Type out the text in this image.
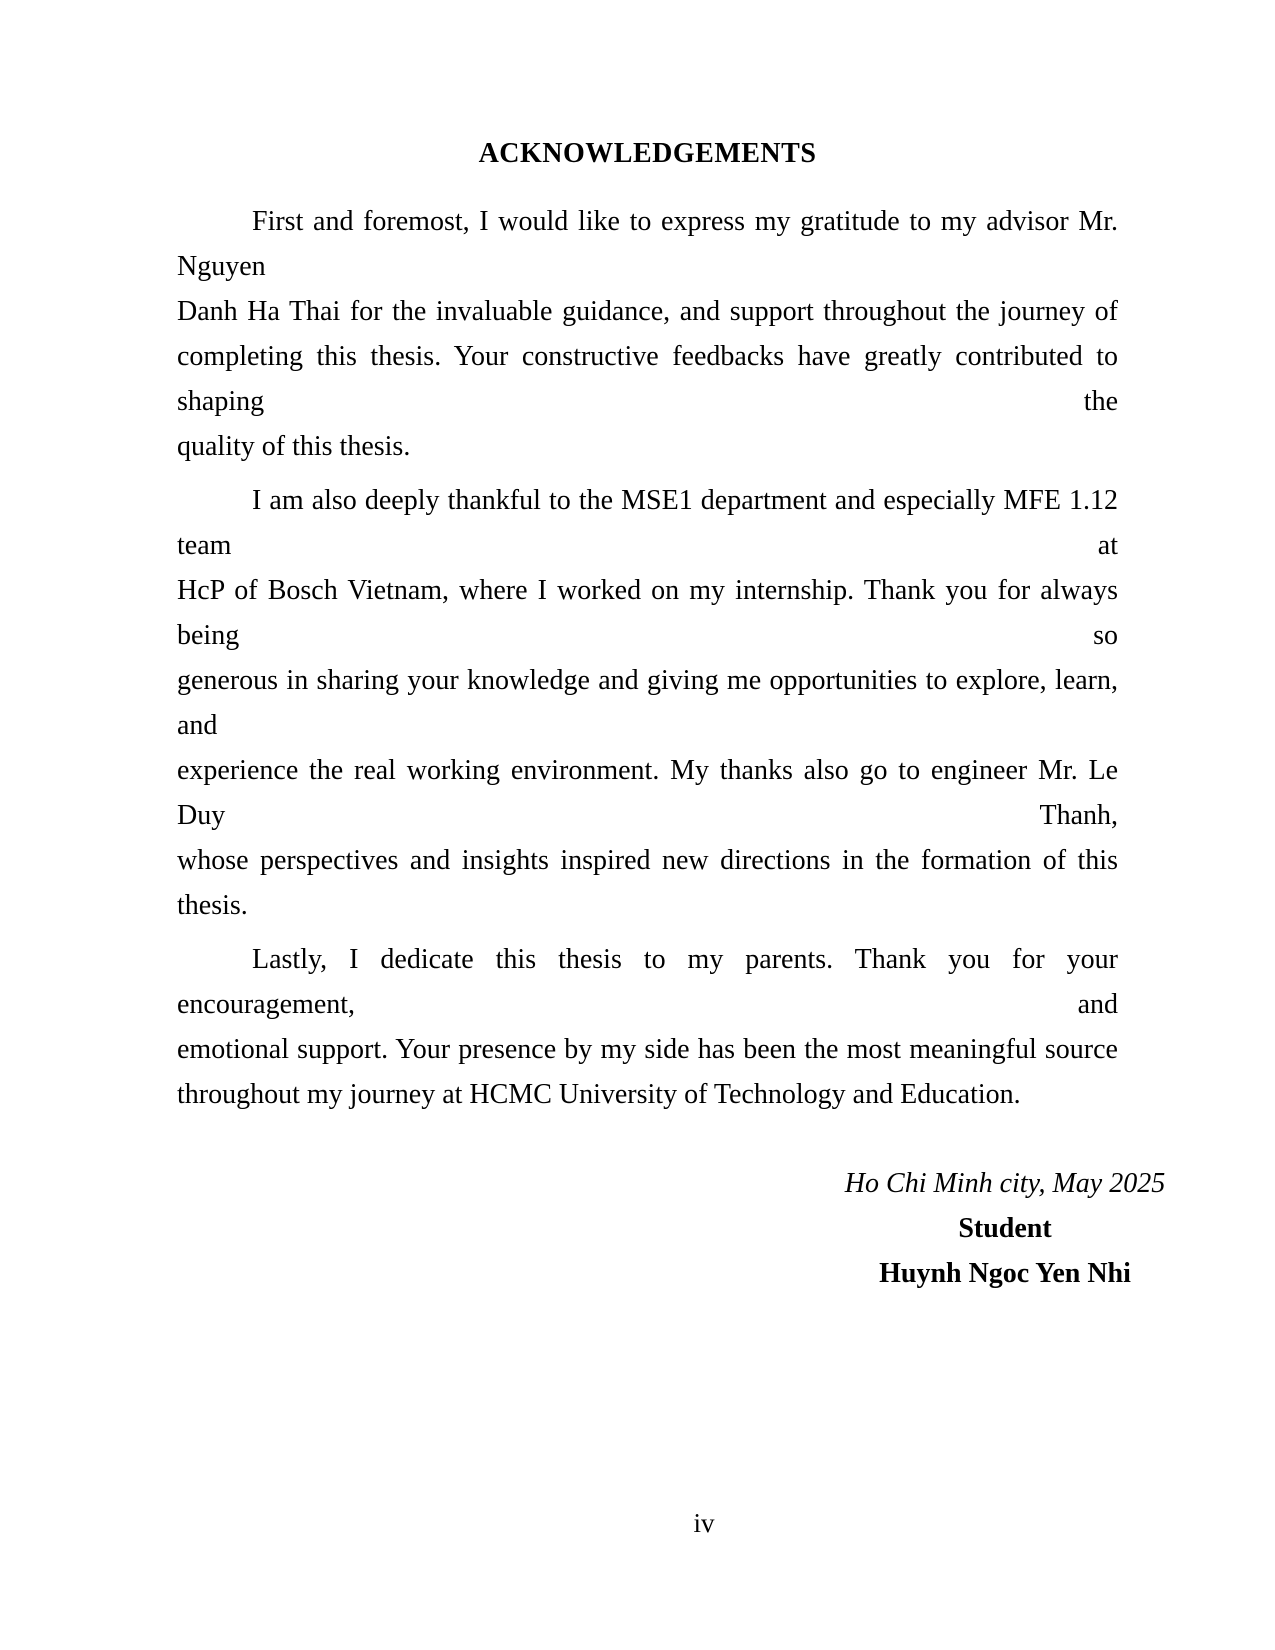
ACKNOWLEDGEMENTS
First and foremost, I would like to express my gratitude to my advisor Mr. Nguyen
Danh Ha Thai for the invaluable guidance, and support throughout the journey of
completing this thesis. Your constructive feedbacks have greatly contributed to shaping the
quality of this thesis.
I am also deeply thankful to the MSE1 department and especially MFE 1.12 team at
HcP of Bosch Vietnam, where I worked on my internship. Thank you for always being so
generous in sharing your knowledge and giving me opportunities to explore, learn, and
experience the real working environment. My thanks also go to engineer Mr. Le Duy Thanh,
whose perspectives and insights inspired new directions in the formation of this thesis.
Lastly, I dedicate this thesis to my parents. Thank you for your encouragement, and
emotional support. Your presence by my side has been the most meaningful source
throughout my journey at HCMC University of Technology and Education.
Ho Chi Minh city, May 2025
Student
Huynh Ngoc Yen Nhi
iv
